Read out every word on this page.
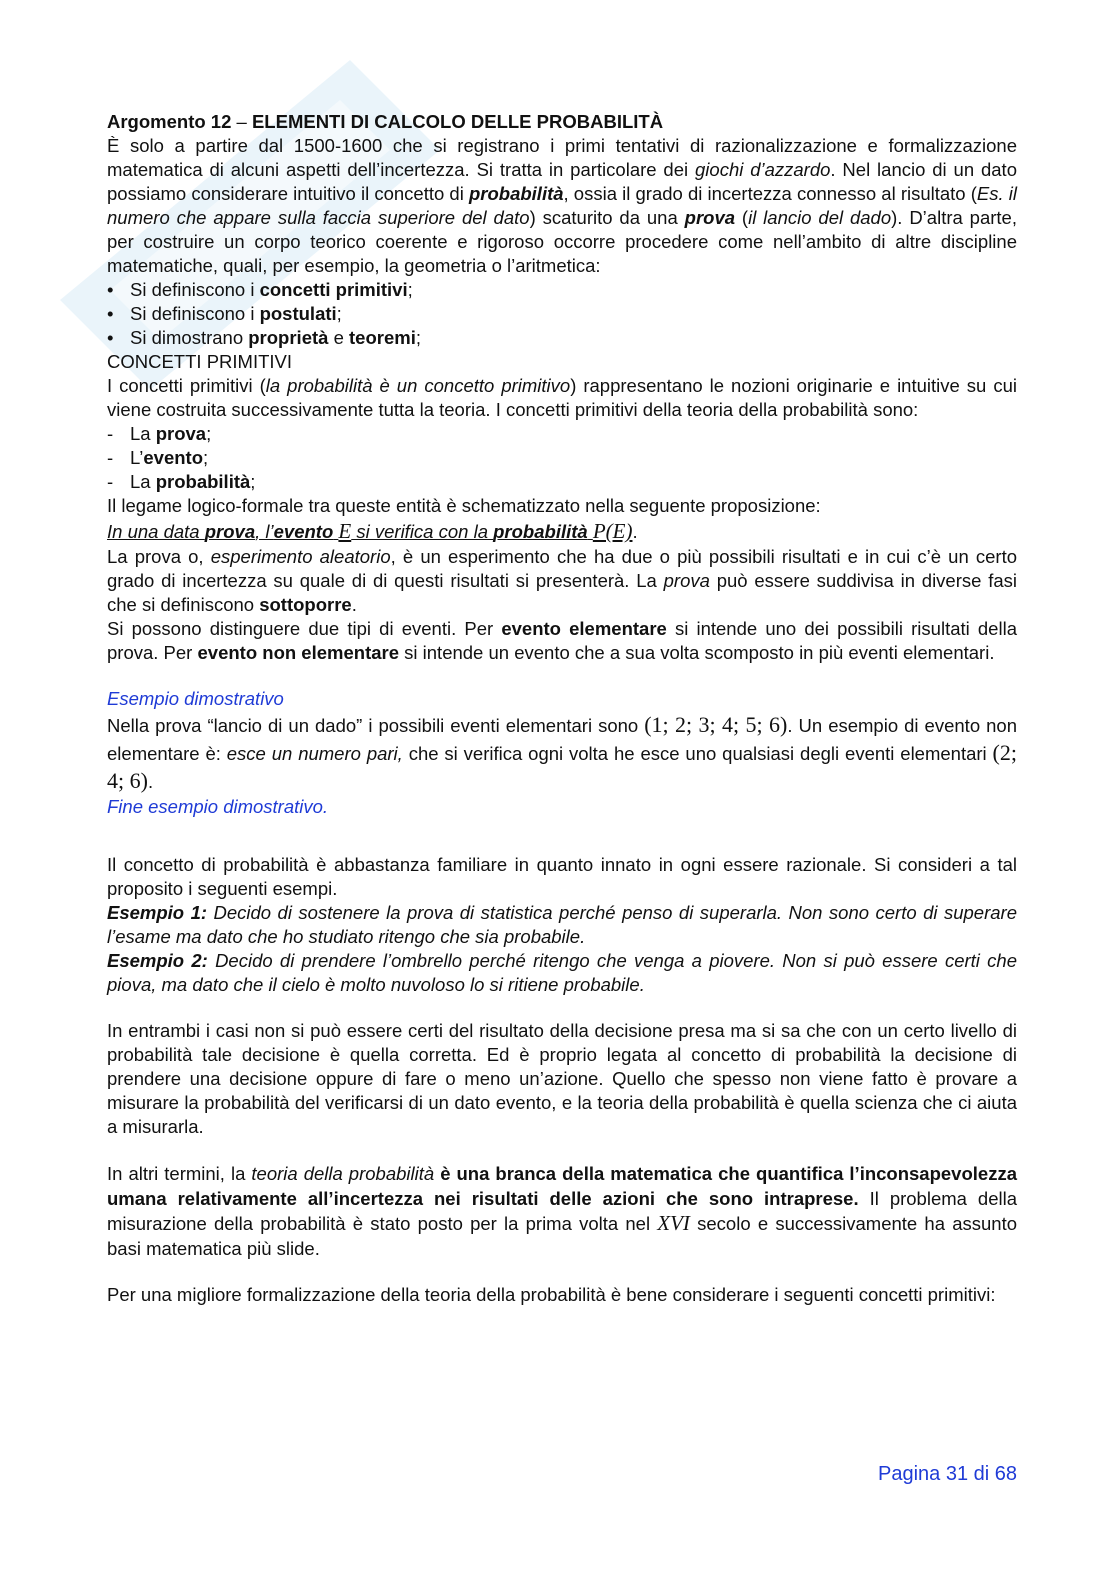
Argomento 12 – ELEMENTI DI CALCOLO DELLE PROBABILITÀ

È solo a partire dal 1500-1600 che si registrano i primi tentativi di razionalizzazione e formalizzazione matematica di alcuni aspetti dell’incertezza. Si tratta in particolare dei giochi d’azzardo. Nel lancio di un dato possiamo considerare intuitivo il concetto di probabilità, ossia il grado di incertezza connesso al risultato (Es. il numero che appare sulla faccia superiore del dato) scaturito da una prova (il lancio del dado). D’altra parte, per costruire un corpo teorico coerente e rigoroso occorre procedere come nell’ambito di altre discipline matematiche, quali, per esempio, la geometria o l’aritmetica:

• Si definiscono i concetti primitivi;
• Si definiscono i postulati;
• Si dimostrano proprietà e teoremi;

CONCETTI PRIMITIVI

I concetti primitivi (la probabilità è un concetto primitivo) rappresentano le nozioni originarie e intuitive su cui viene costruita successivamente tutta la teoria. I concetti primitivi della teoria della probabilità sono:

- La prova;
- L’evento;
- La probabilità;

Il legame logico-formale tra queste entità è schematizzato nella seguente proposizione:

In una data prova, l’evento E si verifica con la probabilità P(E).

La prova o, esperimento aleatorio, è un esperimento che ha due o più possibili risultati e in cui c’è un certo grado di incertezza su quale di di questi risultati si presenterà. La prova può essere suddivisa in diverse fasi che si definiscono sottoporre.

Si possono distinguere due tipi di eventi. Per evento elementare si intende uno dei possibili risultati della prova. Per evento non elementare si intende un evento che a sua volta scomposto in più eventi elementari.

Esempio dimostrativo

Nella prova “lancio di un dado” i possibili eventi elementari sono (1; 2; 3; 4; 5; 6). Un esempio di evento non elementare è: esce un numero pari, che si verifica ogni volta he esce uno qualsiasi degli eventi elementari (2; 4; 6).

Fine esempio dimostrativo.

Il concetto di probabilità è abbastanza familiare in quanto innato in ogni essere razionale. Si consideri a tal proposito i seguenti esempi.

Esempio 1: Decido di sostenere la prova di statistica perché penso di superarla. Non sono certo di superare l’esame ma dato che ho studiato ritengo che sia probabile.

Esempio 2: Decido di prendere l’ombrello perché ritengo che venga a piovere. Non si può essere certi che piova, ma dato che il cielo è molto nuvoloso lo si ritiene probabile.

In entrambi i casi non si può essere certi del risultato della decisione presa ma si sa che con un certo livello di probabilità tale decisione è quella corretta. Ed è proprio legata al concetto di probabilità la decisione di prendere una decisione oppure di fare o meno un’azione. Quello che spesso non viene fatto è provare a misurare la probabilità del verificarsi di un dato evento, e la teoria della probabilità è quella scienza che ci aiuta a misurarla.

In altri termini, la teoria della probabilità è una branca della matematica che quantifica l’inconsapevolezza umana relativamente all’incertezza nei risultati delle azioni che sono intraprese. Il problema della misurazione della probabilità è stato posto per la prima volta nel XVI secolo e successivamente ha assunto basi matematica più slide.

Per una migliore formalizzazione della teoria della probabilità è bene considerare i seguenti concetti primitivi:

Pagina 31 di 68
